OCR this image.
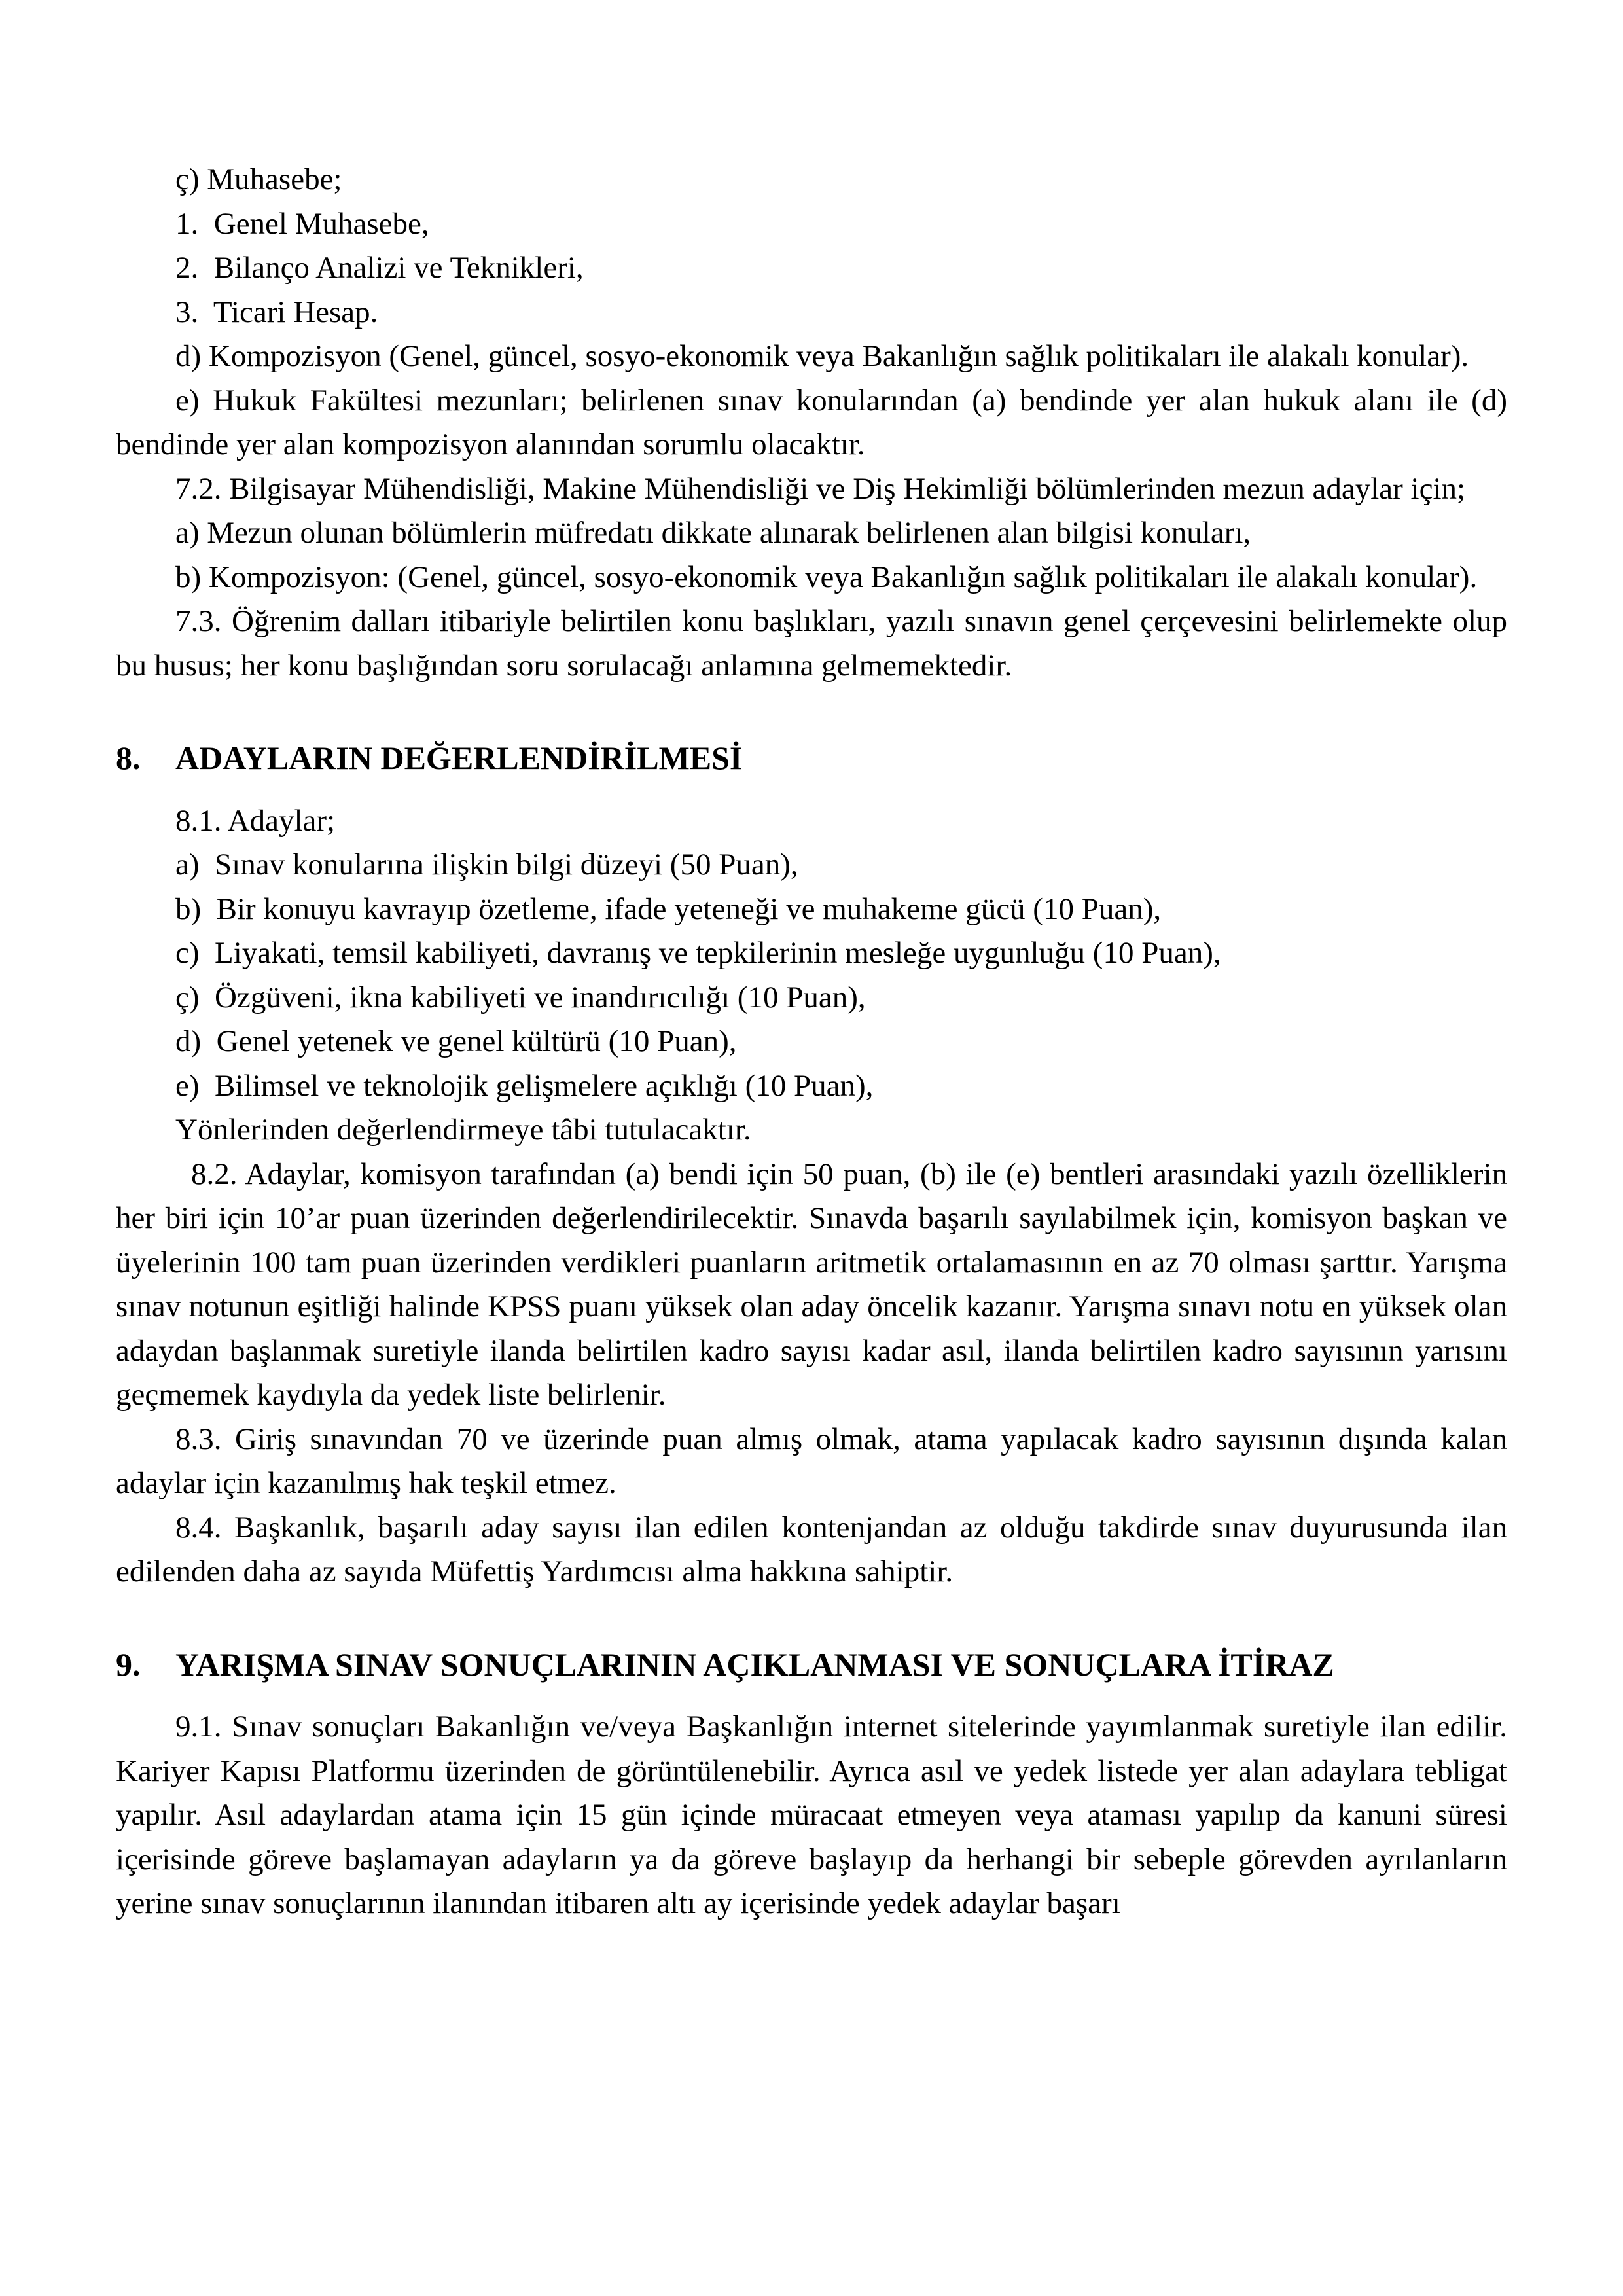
ç) Muhasebe;

1.  Genel Muhasebe,

2.  Bilanço Analizi ve Teknikleri,

3.  Ticari Hesap.

d) Kompozisyon (Genel, güncel, sosyo-ekonomik veya Bakanlığın sağlık politikaları ile alakalı konular).

e) Hukuk Fakültesi mezunları; belirlenen sınav konularından (a) bendinde yer alan hukuk alanı ile (d) bendinde yer alan kompozisyon alanından sorumlu olacaktır.

7.2. Bilgisayar Mühendisliği, Makine Mühendisliği ve Diş Hekimliği bölümlerinden mezun adaylar için;

a) Mezun olunan bölümlerin müfredatı dikkate alınarak belirlenen alan bilgisi konuları,

b) Kompozisyon: (Genel, güncel, sosyo-ekonomik veya Bakanlığın sağlık politikaları ile alakalı konular).

7.3. Öğrenim dalları itibariyle belirtilen konu başlıkları, yazılı sınavın genel çerçevesini belirlemekte olup bu husus; her konu başlığından soru sorulacağı anlamına gelmemektedir.

8. ADAYLARIN DEĞERLENDİRİLMESİ

8.1. Adaylar;

a)  Sınav konularına ilişkin bilgi düzeyi (50 Puan),

b)  Bir konuyu kavrayıp özetleme, ifade yeteneği ve muhakeme gücü (10 Puan),

c)  Liyakati, temsil kabiliyeti, davranış ve tepkilerinin mesleğe uygunluğu (10 Puan),

ç)  Özgüveni, ikna kabiliyeti ve inandırıcılığı (10 Puan),

d)  Genel yetenek ve genel kültürü (10 Puan),

e)  Bilimsel ve teknolojik gelişmelere açıklığı (10 Puan),

Yönlerinden değerlendirmeye tâbi tutulacaktır.

8.2. Adaylar, komisyon tarafından (a) bendi için 50 puan, (b) ile (e) bentleri arasındaki yazılı özelliklerin her biri için 10’ar puan üzerinden değerlendirilecektir. Sınavda başarılı sayılabilmek için, komisyon başkan ve üyelerinin 100 tam puan üzerinden verdikleri puanların aritmetik ortalamasının en az 70 olması şarttır. Yarışma sınav notunun eşitliği halinde KPSS puanı yüksek olan aday öncelik kazanır. Yarışma sınavı notu en yüksek olan adaydan başlanmak suretiyle ilanda belirtilen kadro sayısı kadar asıl, ilanda belirtilen kadro sayısının yarısını geçmemek kaydıyla da yedek liste belirlenir.

8.3. Giriş sınavından 70 ve üzerinde puan almış olmak, atama yapılacak kadro sayısının dışında kalan adaylar için kazanılmış hak teşkil etmez.

8.4. Başkanlık, başarılı aday sayısı ilan edilen kontenjandan az olduğu takdirde sınav duyurusunda ilan edilenden daha az sayıda Müfettiş Yardımcısı alma hakkına sahiptir.

9. YARIŞMA SINAV SONUÇLARININ AÇIKLANMASI VE SONUÇLARA İTİRAZ

9.1. Sınav sonuçları Bakanlığın ve/veya Başkanlığın internet sitelerinde yayımlanmak suretiyle ilan edilir. Kariyer Kapısı Platformu üzerinden de görüntülenebilir. Ayrıca asıl ve yedek listede yer alan adaylara tebligat yapılır. Asıl adaylardan atama için 15 gün içinde müracaat etmeyen veya ataması yapılıp da kanuni süresi içerisinde göreve başlamayan adayların ya da göreve başlayıp da herhangi bir sebeple görevden ayrılanların yerine sınav sonuçlarının ilanından itibaren altı ay içerisinde yedek adaylar başarı
